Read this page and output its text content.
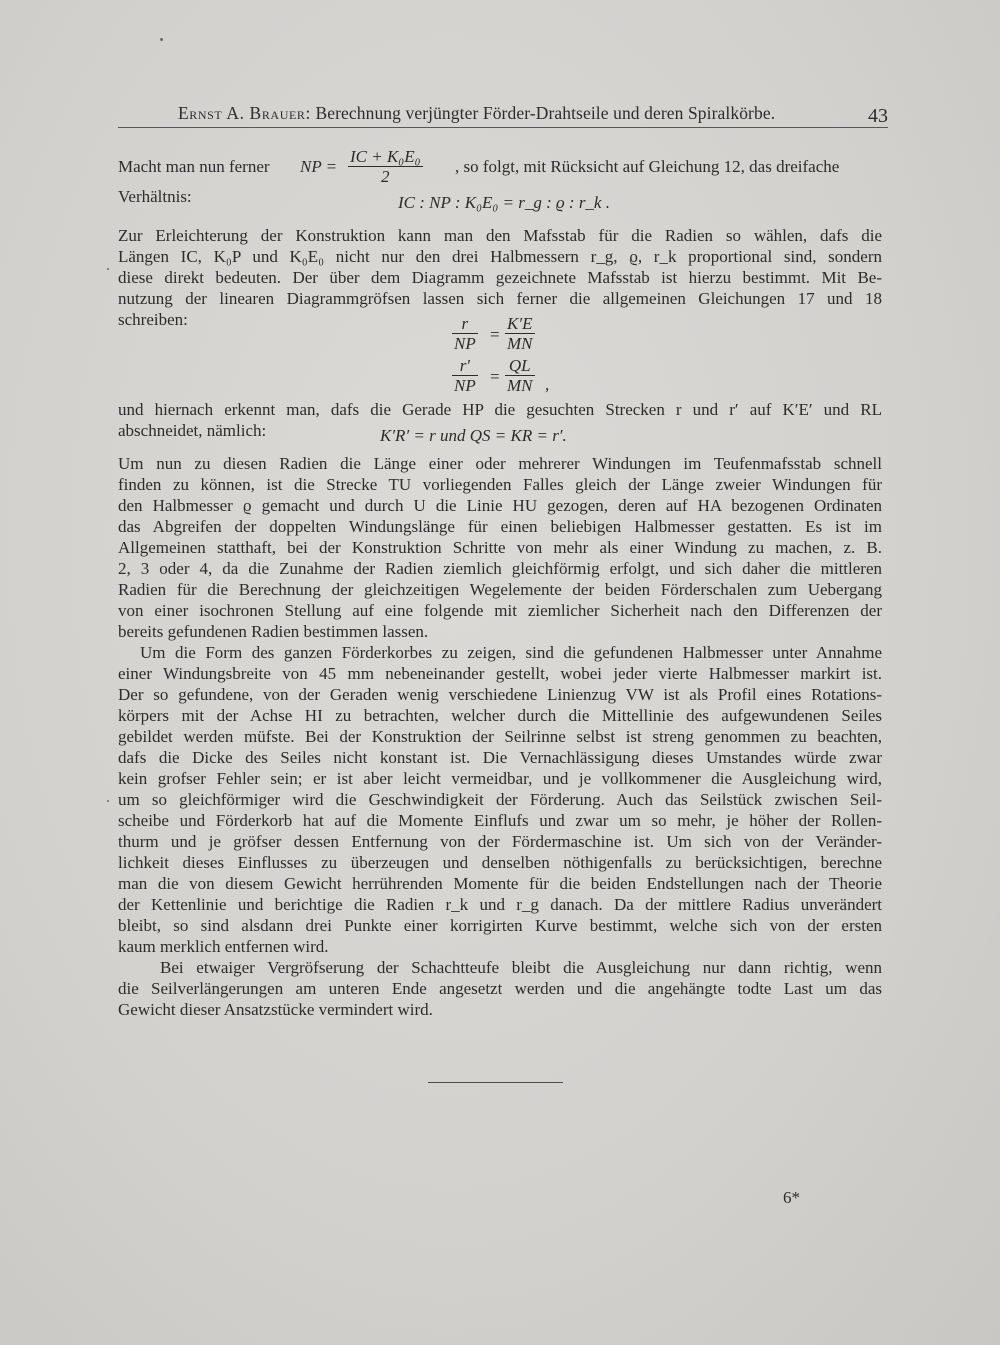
Ernst A. Brauer: Berechnung verjüngter Förder-Drahtseile und deren Spiralkörbe.	43
Macht man nun ferner NP = $\frac{\text{IC + K₀E₀}}{2}$ , so folgt, mit Rücksicht auf Gleichung 12, das dreifache
Verhältnis:	IC : NP : K₀E₀ = r_g : ϱ : r_k .
Zur Erleichterung der Konstruktion kann man den Mafsstab für die Radien so wählen, dafs die
Längen IC, K₀P und K₀E₀ nicht nur den drei Halbmessern r_g, ϱ, r_k proportional sind, sondern
diese direkt bedeuten. Der über dem Diagramm gezeichnete Mafsstab ist hierzu bestimmt. Mit Be-
nutzung der linearen Diagrammgröfsen lassen sich ferner die allgemeinen Gleichungen 17 und 18
schreiben:	$\frac{r}{NP} = \frac{K'E}{MN}$
$\frac{r'}{NP} = \frac{QL}{MN}$ ,
und hiernach erkennt man, dafs die Gerade HP die gesuchten Strecken r und r′ auf K′E′ und RL
abschneidet, nämlich:	K′R′ = r und QS = KR = r′.
Um nun zu diesen Radien die Länge einer oder mehrerer Windungen im Teufenmafsstab schnell
finden zu können, ist die Strecke TU vorliegenden Falles gleich der Länge zweier Windungen für
den Halbmesser ϱ gemacht und durch U die Linie HU gezogen, deren auf HA bezogenen Ordinaten
das Abgreifen der doppelten Windungslänge für einen beliebigen Halbmesser gestatten. Es ist im
Allgemeinen statthaft, bei der Konstruktion Schritte von mehr als einer Windung zu machen, z. B.
2, 3 oder 4, da die Zunahme der Radien ziemlich gleichförmig erfolgt, und sich daher die mittleren
Radien für die Berechnung der gleichzeitigen Wegelemente der beiden Förderschalen zum Uebergang
von einer isochronen Stellung auf eine folgende mit ziemlicher Sicherheit nach den Differenzen der
bereits gefundenen Radien bestimmen lassen.
Um die Form des ganzen Förderkorbes zu zeigen, sind die gefundenen Halbmesser unter Annahme
einer Windungsbreite von 45 mm nebeneinander gestellt, wobei jeder vierte Halbmesser markirt ist.
Der so gefundene, von der Geraden wenig verschiedene Linienzug VW ist als Profil eines Rotations-
körpers mit der Achse HI zu betrachten, welcher durch die Mittellinie des aufgewundenen Seiles
gebildet werden müfste. Bei der Konstruktion der Seilrinne selbst ist streng genommen zu beachten,
dafs die Dicke des Seiles nicht konstant ist. Die Vernachlässigung dieses Umstandes würde zwar
kein grofser Fehler sein; er ist aber leicht vermeidbar, und je vollkommener die Ausgleichung wird,
um so gleichförmiger wird die Geschwindigkeit der Förderung. Auch das Seilstück zwischen Seil-
scheibe und Förderkorb hat auf die Momente Einflufs und zwar um so mehr, je höher der Rollen-
thurm und je gröfser dessen Entfernung von der Fördermaschine ist. Um sich von der Veränder-
lichkeit dieses Einflusses zu überzeugen und denselben nöthigenfalls zu berücksichtigen, berechne
man die von diesem Gewicht herrührenden Momente für die beiden Endstellungen nach der Theorie
der Kettenlinie und berichtige die Radien r_k und r_g danach. Da der mittlere Radius unverändert
bleibt, so sind alsdann drei Punkte einer korrigirten Kurve bestimmt, welche sich von der ersten
kaum merklich entfernen wird.
Bei etwaiger Vergröfserung der Schachtteufe bleibt die Ausgleichung nur dann richtig, wenn
die Seilverlängerungen am unteren Ende angesetzt werden und die angehängte todte Last um das
Gewicht dieser Ansatzstücke vermindert wird.
6*
